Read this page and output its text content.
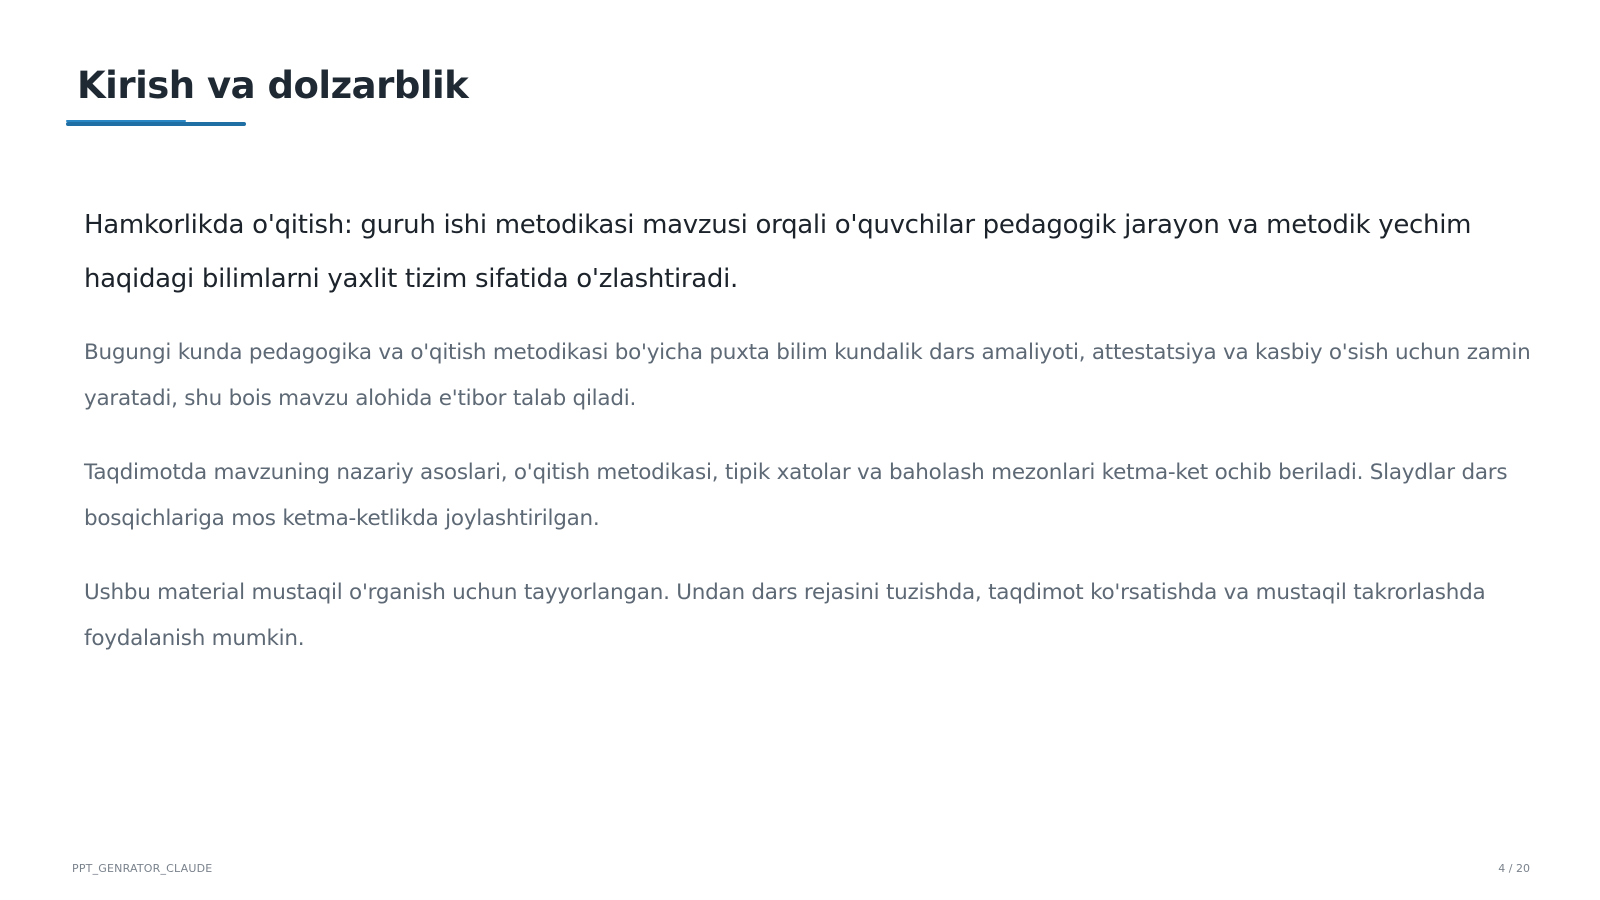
Kirish va dolzarblik

Hamkorlikda o'qitish: guruh ishi metodikasi mavzusi orqali o'quvchilar pedagogik jarayon va metodik yechim haqidagi bilimlarni yaxlit tizim sifatida o'zlashtiradi.

Bugungi kunda pedagogika va o'qitish metodikasi bo'yicha puxta bilim kundalik dars amaliyoti, attestatsiya va kasbiy o'sish uchun zamin yaratadi, shu bois mavzu alohida e'tibor talab qiladi.

Taqdimotda mavzuning nazariy asoslari, o'qitish metodikasi, tipik xatolar va baholash mezonlari ketma-ket ochib beriladi. Slaydlar dars bosqichlariga mos ketma-ketlikda joylashtirilgan.

Ushbu material mustaqil o'rganish uchun tayyorlangan. Undan dars rejasini tuzishda, taqdimot ko'rsatishda va mustaqil takrorlashda foydalanish mumkin.

PPT_GENRATOR_CLAUDE	4 / 20
